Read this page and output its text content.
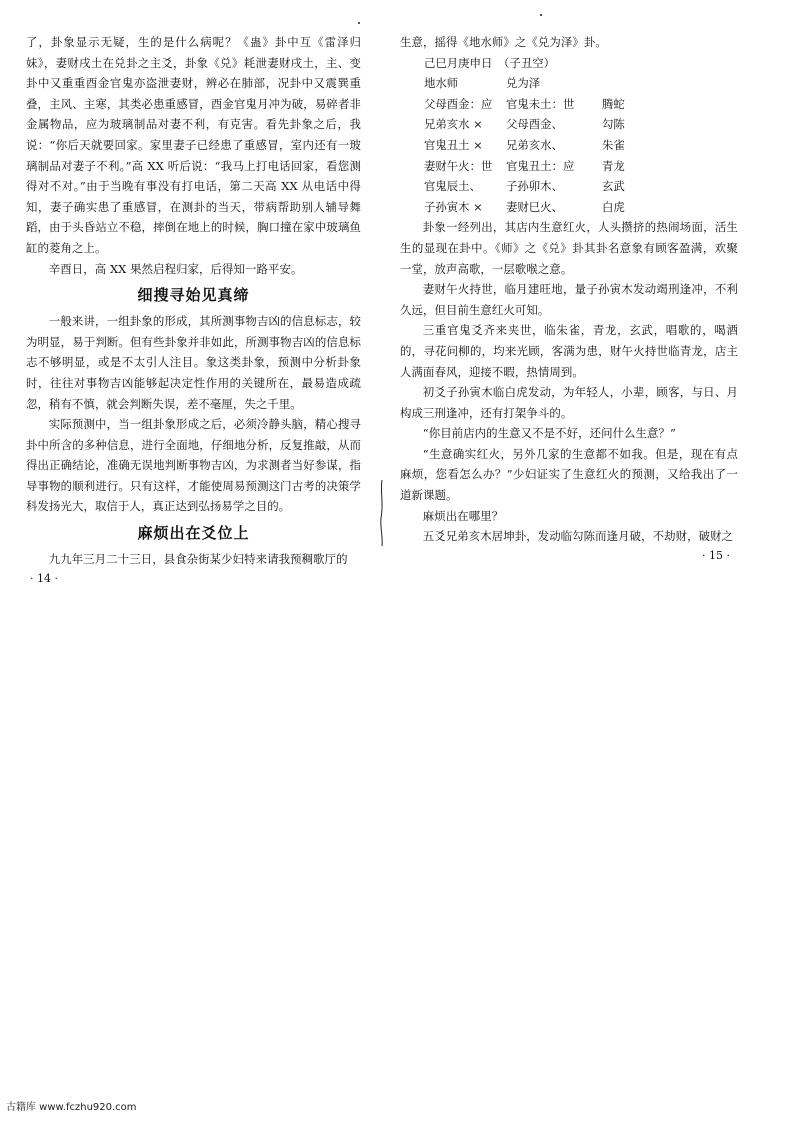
了，卦象显示无疑，生的是什么病呢？《蛊》卦中互《雷泽归妹》，妻财戌土在兑卦之主爻，卦象《兑》耗泄妻财戌土，主、变卦中又重重酉金官鬼亦盗泄妻财，辨必在肺部，况卦中又震巽重叠，主风、主寒，其类必患重感冒，酉金官鬼月冲为破，易碎者非金属物品，应为玻璃制品对妻不利，有克害。看先卦象之后，我说：“你后天就要回家。家里妻子已经患了重感冒，室内还有一玻璃制品对妻子不利。”高 XX 听后说：“我马上打电话回家，看您测得对不对。”由于当晚有事没有打电话，第二天高 XX 从电话中得知，妻子确实患了重感冒，在测卦的当天，带病帮助别人辅导舞蹈，由于头昏站立不稳，摔倒在地上的时候，胸口撞在家中玻璃鱼缸的菱角之上。

辛酉日，高 XX 果然启程归家，后得知一路平安。

细搜寻始见真缔

一般来讲，一组卦象的形成，其所测事物吉凶的信息标志，较为明显，易于判断。但有些卦象并非如此，所测事物吉凶的信息标志不够明显，或是不太引人注目。象这类卦象，预测中分析卦象时，往往对事物吉凶能够起决定性作用的关键所在，最易造成疏忽，稍有不慎，就会判断失误，差不毫厘，失之千里。

实际预测中，当一组卦象形成之后，必须冷静头脑，精心搜寻卦中所含的多种信息，进行全面地，仔细地分析，反复推敲，从而得出正确结论，准确无误地判断事物吉凶，为求测者当好参谋，指导事物的顺利进行。只有这样，才能使周易预测这门古考的决策学科发扬光大，取信于人，真正达到弘扬易学之目的。

麻烦出在爻位上

九九年三月二十三日，县食杂街某少妇特来请我预稠歌厅的

· 14 ·

生意，摇得《地水师》之《兑为泽》卦。

己巳月庚申日　（子丑空）
地水师	兑为泽
父母酉金：应	官鬼未土：世	腾蛇
兄弟亥水 ×	父母酉金、	勾陈
官鬼丑土 ×	兄弟亥水、	朱雀
妻财午火：世	官鬼丑土：应	青龙
官鬼辰土、	子孙卯木、	玄武
子孙寅木 ×	妻财巳火、	白虎

卦象一经列出，其店内生意红火，人头攒挤的热闹场面，活生生的显现在卦中。《师》之《兑》卦其卦名意象有顾客盈满，欢聚一堂，放声高歌，一层歌喉之意。

妻财午火持世，临月建旺地，量子孙寅木发动竭刑逢冲，不利久远，但目前生意红火可知。

三重官鬼爻齐来夹世，临朱雀，青龙，玄武，唱歌的，喝酒的，寻花问柳的，均来光顾，客满为患，财午火持世临青龙，店主人满面春风，迎接不暇，热情周到。

初爻子孙寅木临白虎发动，为年轻人，小辈，顾客，与日、月构成三刑逢冲，还有打架争斗的。

“你目前店内的生意又不是不好，还问什么生意？”

“生意确实红火，另外几家的生意都不如我。但是，现在有点麻烦，您看怎么办？”少妇证实了生意红火的预测，又给我出了一道新课题。

麻烦出在哪里？

五爻兄弟亥木居坤卦，发动临勾陈而逢月破，不劫财，破财之

· 15 ·
古籍库 www.fczhu920.com
